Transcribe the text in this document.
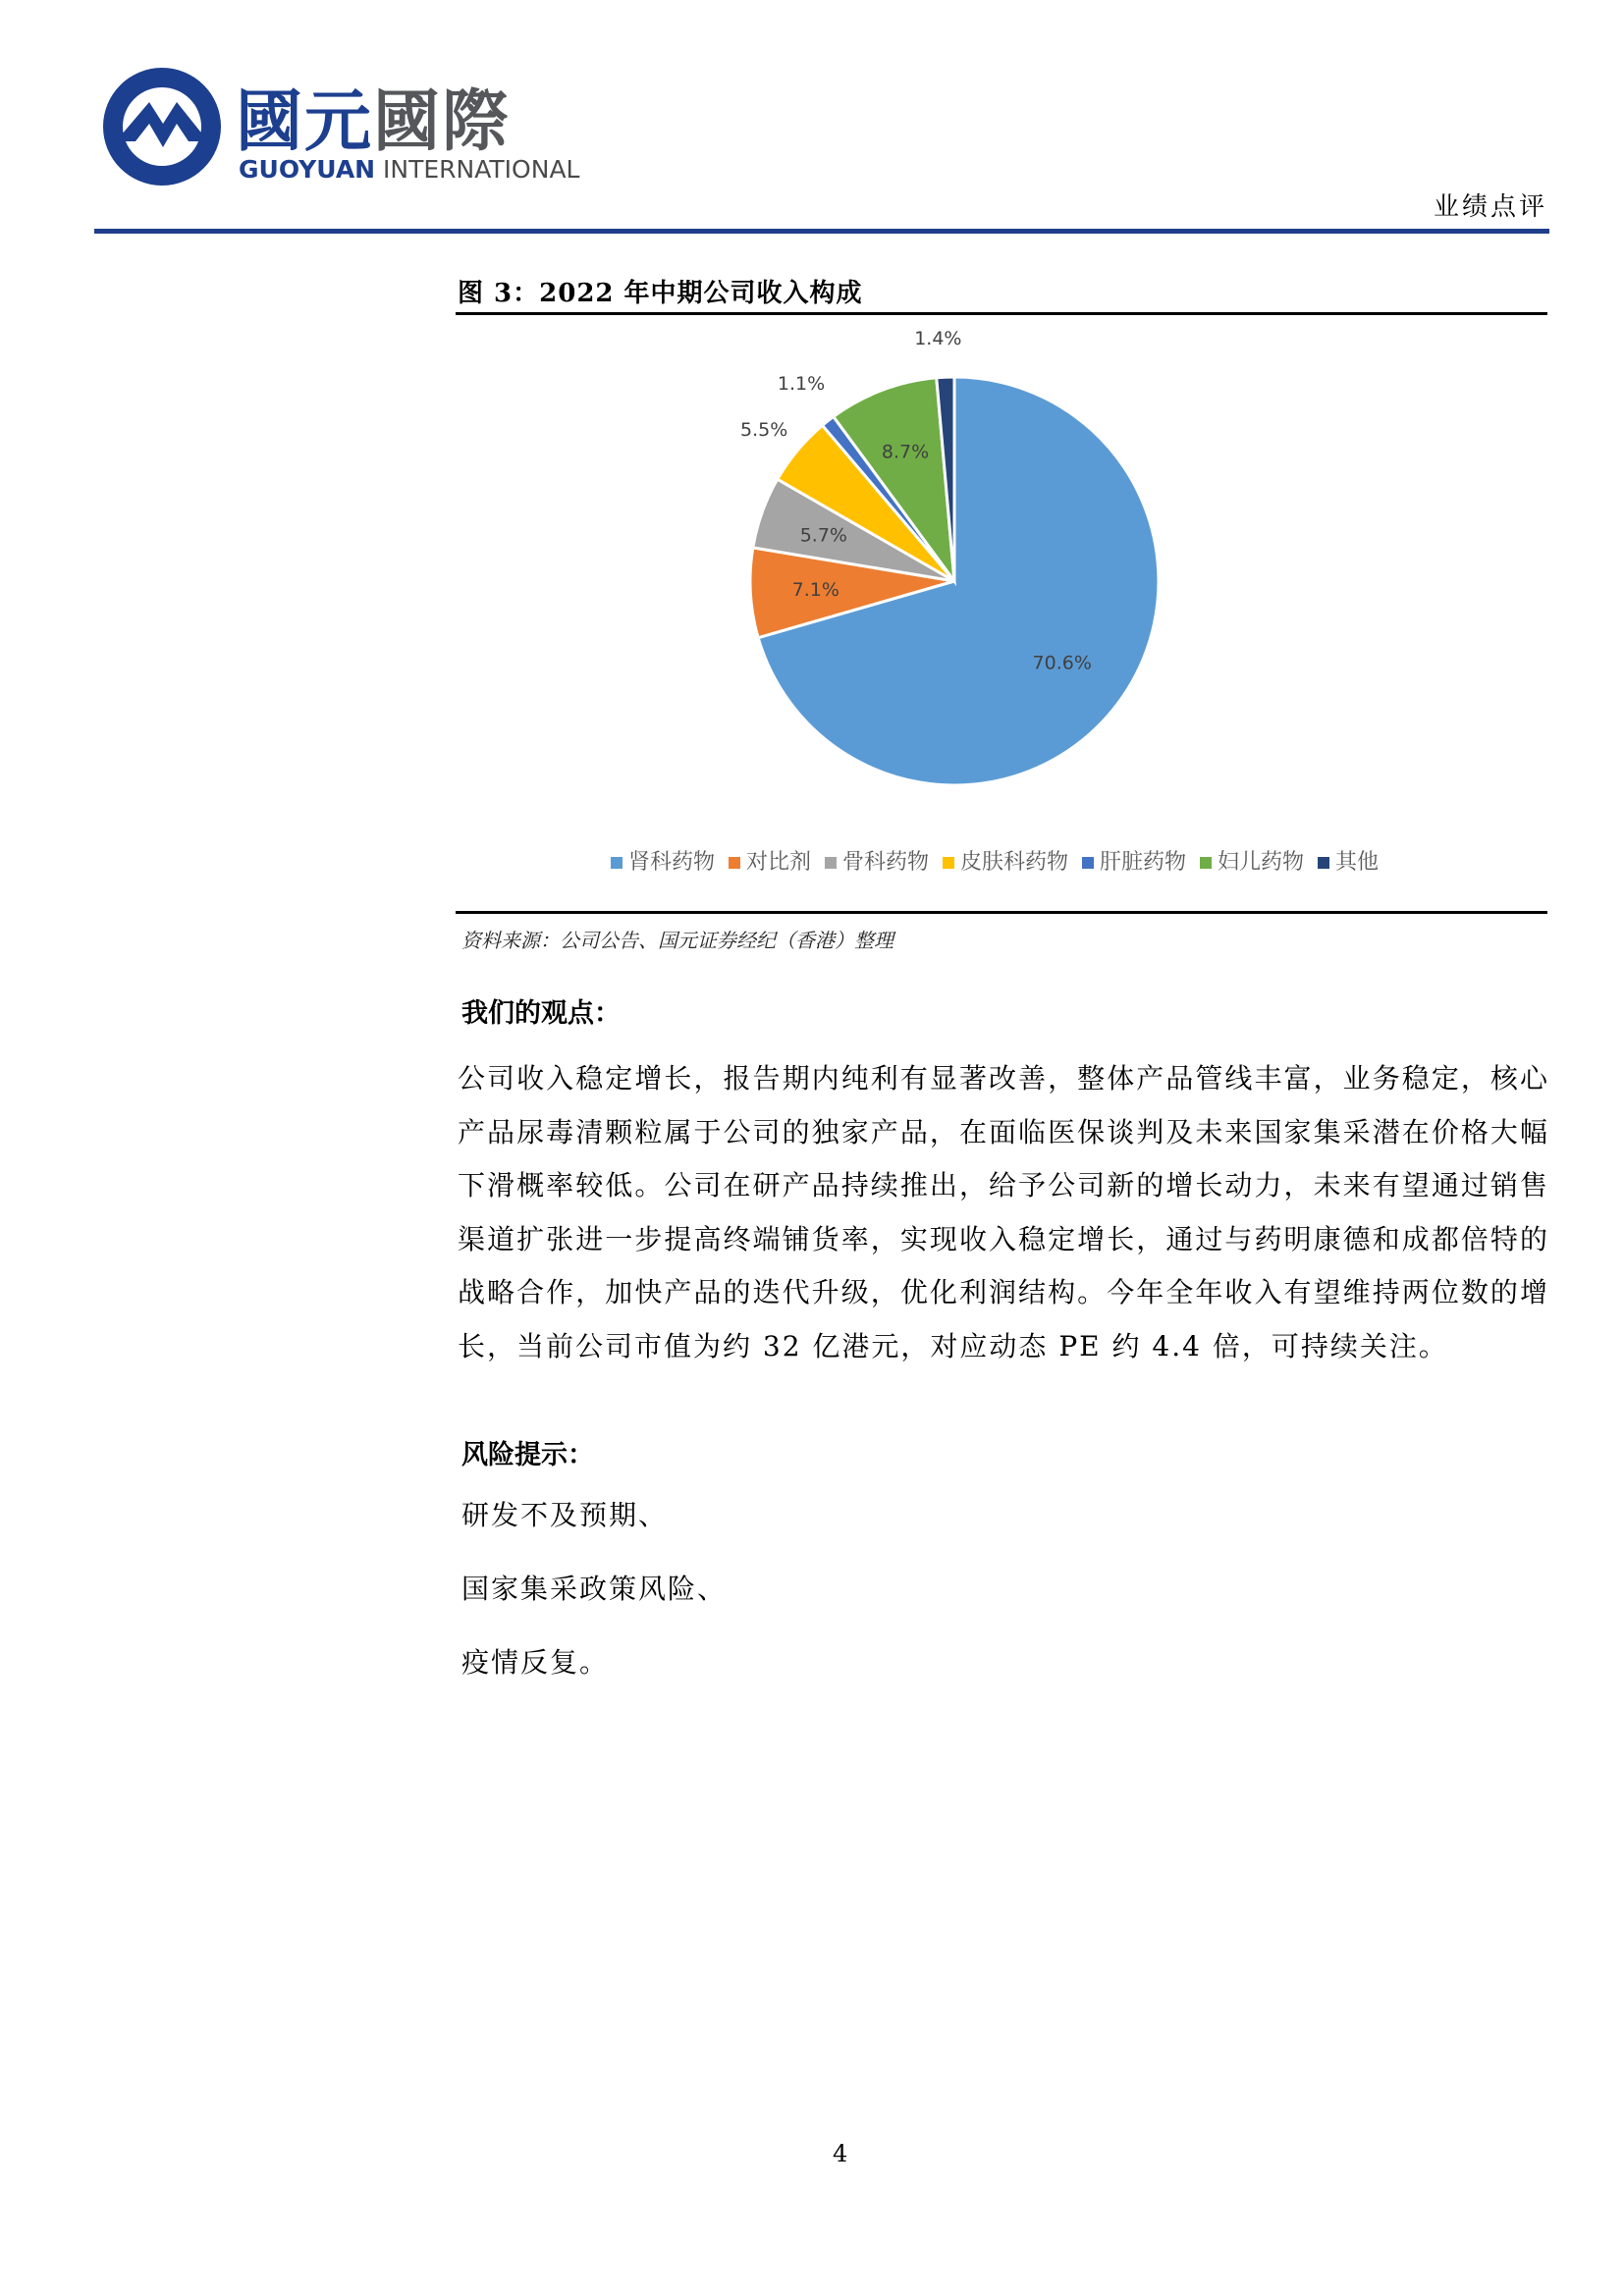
國元國際
GUOYUAN INTERNATIONAL
业绩点评
图 3：2022 年中期公司收入构成
70.6%
7.1%
5.7%
5.5%
1.1%
8.7%
1.4%
肾科药物 对比剂 骨科药物 皮肤科药物 肝脏药物 妇儿药物 其他
资料来源：公司公告、国元证券经纪（香港）整理
我们的观点：

公司收入稳定增长，报告期内纯利有显著改善，整体产品管线丰富，业务稳定，核心产品尿毒清颗粒属于公司的独家产品，在面临医保谈判及未来国家集采潜在价格大幅下滑概率较低。公司在研产品持续推出，给予公司新的增长动力，未来有望通过销售渠道扩张进一步提高终端铺货率，实现收入稳定增长，通过与药明康德和成都倍特的战略合作，加快产品的迭代升级，优化利润结构。今年全年收入有望维持两位数的增长，当前公司市值为约 32 亿港元，对应动态 PE 约 4.4 倍，可持续关注。

风险提示：
研发不及预期、
国家集采政策风险、
疫情反复。
4
